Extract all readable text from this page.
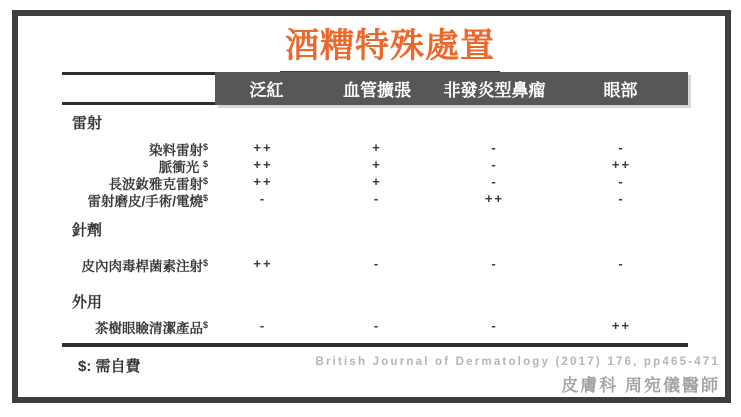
酒糟特殊處置
泛紅	血管擴張	非發炎型鼻瘤	眼部
雷射
染料雷射$	++	+	-	-
脈衝光 $	++	+	-	++
長波釹雅克雷射$	++	+	-	-
雷射磨皮/手術/電燒$	-	-	++	-
針劑
皮內肉毒桿菌素注射$	++	-	-	-
外用
茶樹眼瞼清潔產品$	-	-	-	++
$: 需自費	British Journal of Dermatology (2017) 176, pp465-471
皮膚科 周宛儀醫師
